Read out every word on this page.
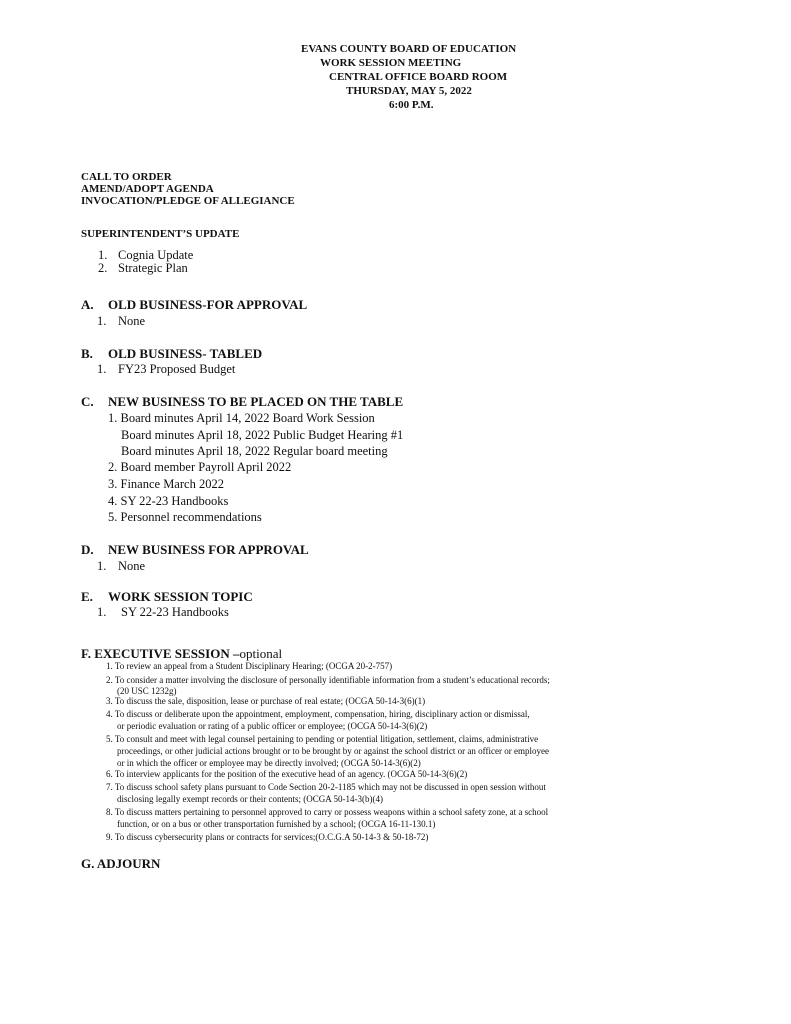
EVANS COUNTY BOARD OF EDUCATION
WORK SESSION MEETING
CENTRAL OFFICE BOARD ROOM
THURSDAY, MAY 5, 2022
6:00 P.M.
CALL TO ORDER
AMEND/ADOPT AGENDA
INVOCATION/PLEDGE OF ALLEGIANCE
SUPERINTENDENT’S UPDATE
1. Cognia Update
2. Strategic Plan
A. OLD BUSINESS-FOR APPROVAL
1. None
B. OLD BUSINESS- TABLED
1. FY23 Proposed Budget
C. NEW BUSINESS TO BE PLACED ON THE TABLE
1. Board minutes April 14, 2022 Board Work Session
Board minutes April 18, 2022 Public Budget Hearing #1
Board minutes April 18, 2022 Regular board meeting
2. Board member Payroll April 2022
3. Finance March 2022
4. SY 22-23 Handbooks
5. Personnel recommendations
D. NEW BUSINESS FOR APPROVAL
1. None
E. WORK SESSION TOPIC
1. SY 22-23 Handbooks
F. EXECUTIVE SESSION –optional
1. To review an appeal from a Student Disciplinary Hearing; (OCGA 20-2-757)
2. To consider a matter involving the disclosure of personally identifiable information from a student’s educational records;
(20 USC 1232g)
3. To discuss the sale, disposition, lease or purchase of real estate; (OCGA 50-14-3(6)(1)
4. To discuss or deliberate upon the appointment, employment, compensation, hiring, disciplinary action or dismissal,
or periodic evaluation or rating of a public officer or employee; (OCGA 50-14-3(6)(2)
5. To consult and meet with legal counsel pertaining to pending or potential litigation, settlement, claims, administrative
proceedings, or other judicial actions brought or to be brought by or against the school district or an officer or employee
or in which the officer or employee may be directly involved; (OCGA 50-14-3(6)(2)
6. To interview applicants for the position of the executive head of an agency. (OCGA 50-14-3(6)(2)
7. To discuss school safety plans pursuant to Code Section 20-2-1185 which may not be discussed in open session without
disclosing legally exempt records or their contents; (OCGA 50-14-3(b)(4)
8. To discuss matters pertaining to personnel approved to carry or possess weapons within a school safety zone, at a school
function, or on a bus or other transportation furnished by a school; (OCGA 16-11-130.1)
9. To discuss cybersecurity plans or contracts for services;(O.C.G.A 50-14-3 & 50-18-72)
G. ADJOURN
